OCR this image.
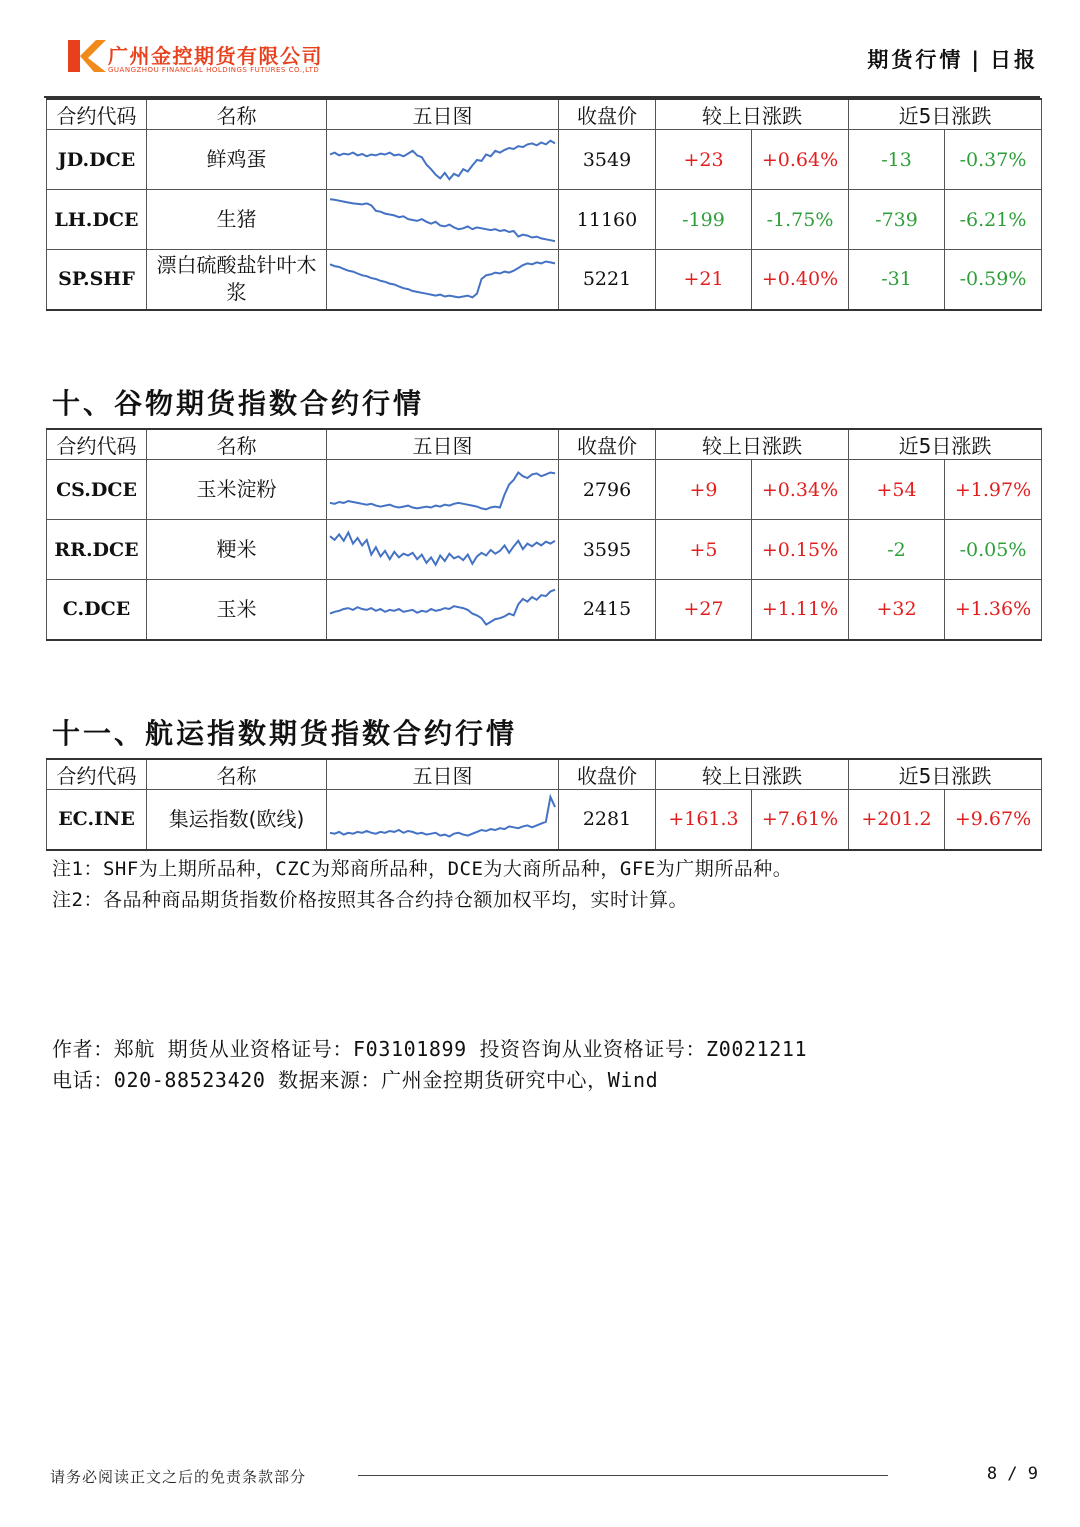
广州金控期货有限公司
GUANGZHOU FINANCIAL HOLDINGS FUTURES CO.,LTD	期货行情 | 日报
合约代码	名称	五日图	收盘价	较上日涨跌		近5日涨跌	
JD.DCE	鲜鸡蛋		3549	+23	+0.64%	-13	-0.37%
LH.DCE	生猪		11160	-199	-1.75%	-739	-6.21%
SP.SHF	漂白硫酸盐针叶木浆		5221	+21	+0.40%	-31	-0.59%
十、谷物期货指数合约行情
合约代码	名称	五日图	收盘价	较上日涨跌		近5日涨跌	
CS.DCE	玉米淀粉		2796	+9	+0.34%	+54	+1.97%
RR.DCE	粳米		3595	+5	+0.15%	-2	-0.05%
C.DCE	玉米		2415	+27	+1.11%	+32	+1.36%
十一、航运指数期货指数合约行情
合约代码	名称	五日图	收盘价	较上日涨跌		近5日涨跌	
EC.INE	集运指数(欧线)		2281	+161.3	+7.61%	+201.2	+9.67%
注1：SHF为上期所品种，CZC为郑商所品种，DCE为大商所品种，GFE为广期所品种。
注2：各品种商品期货指数价格按照其各合约持仓额加权平均，实时计算。
作者：郑航 期货从业资格证号：F03101899 投资咨询从业资格证号：Z0021211
电话：020-88523420 数据来源：广州金控期货研究中心，Wind
请务必阅读正文之后的免责条款部分	8 / 9
